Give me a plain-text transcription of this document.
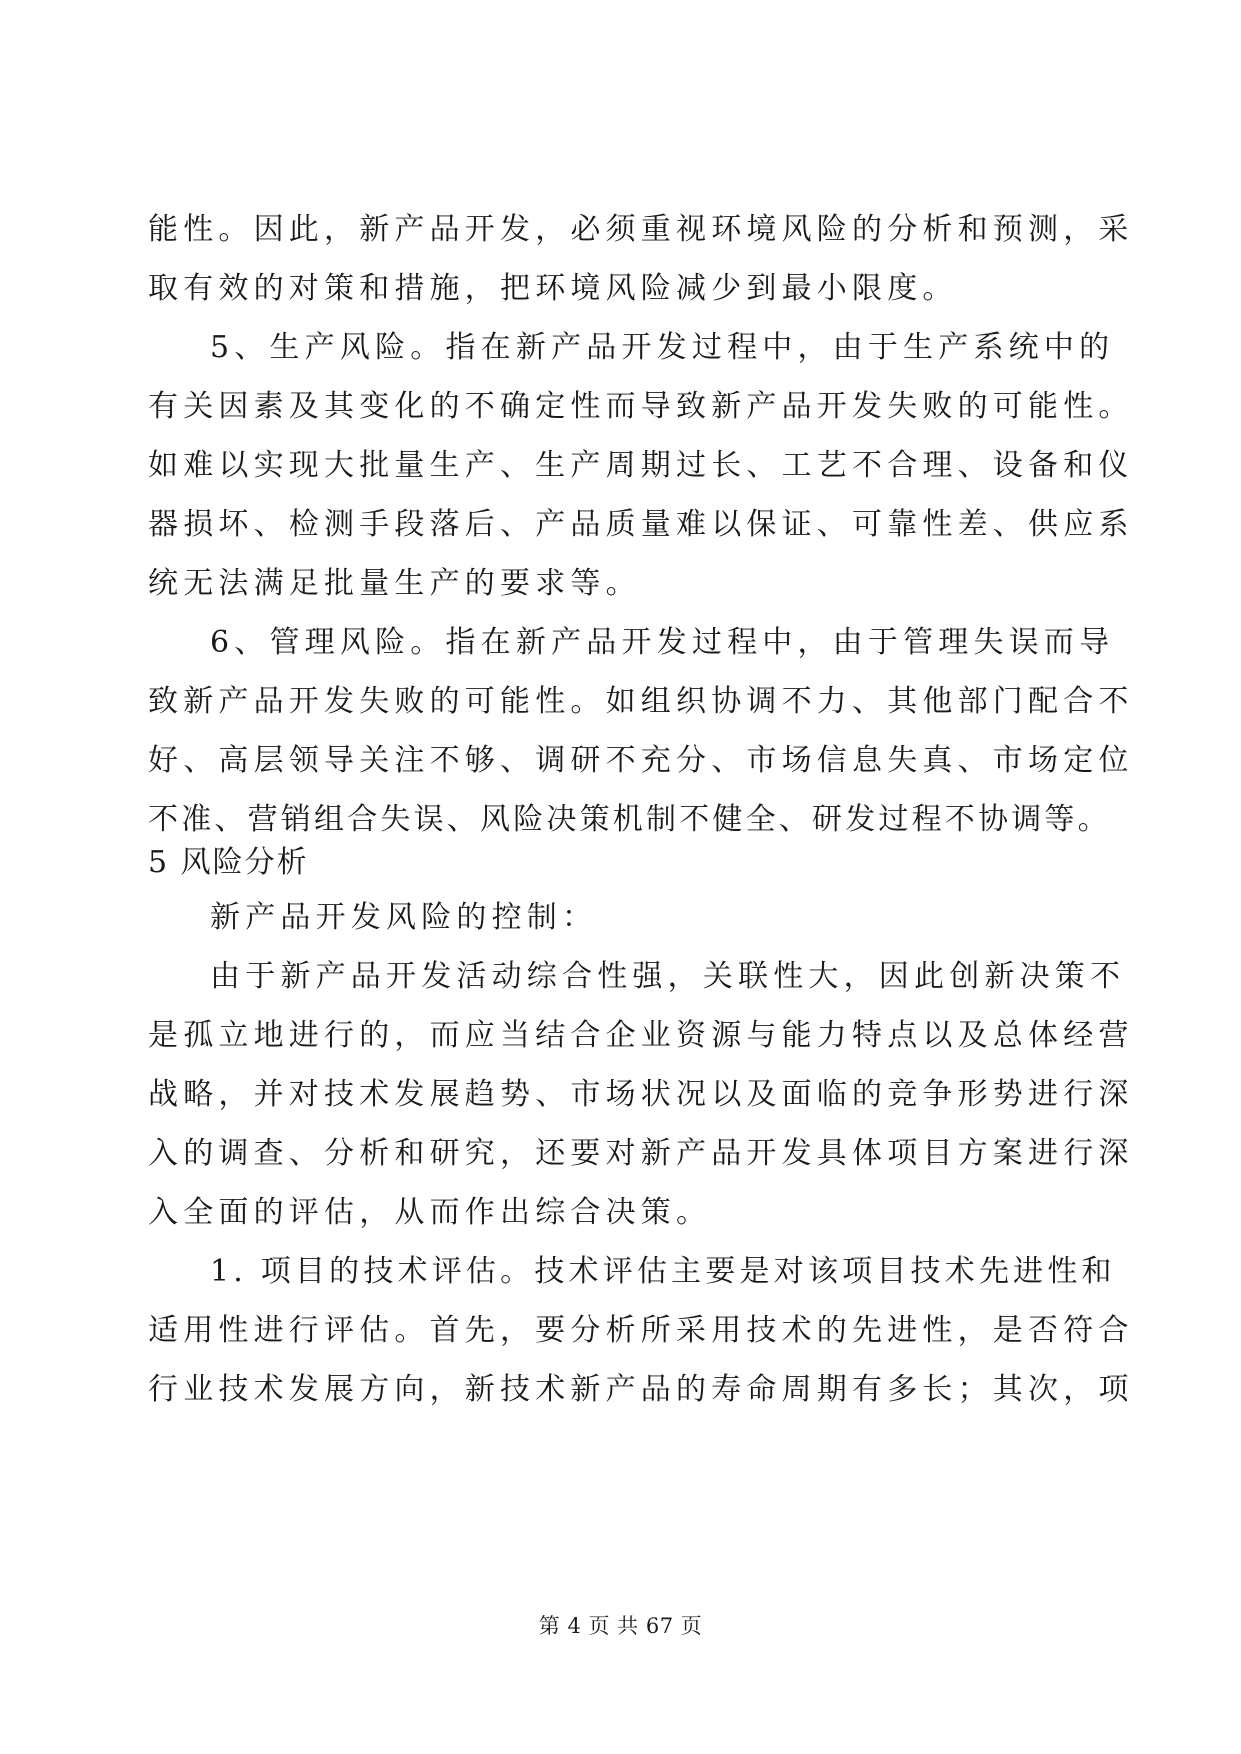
能性。因此，新产品开发，必须重视环境风险的分析和预测，采
取有效的对策和措施，把环境风险减少到最小限度。
5、生产风险。指在新产品开发过程中，由于生产系统中的
有关因素及其变化的不确定性而导致新产品开发失败的可能性。
如难以实现大批量生产、生产周期过长、工艺不合理、设备和仪
器损坏、检测手段落后、产品质量难以保证、可靠性差、供应系
统无法满足批量生产的要求等。
6、管理风险。指在新产品开发过程中，由于管理失误而导
致新产品开发失败的可能性。如组织协调不力、其他部门配合不
好、高层领导关注不够、调研不充分、市场信息失真、市场定位
不准、营销组合失误、风险决策机制不健全、研发过程不协调等。
5 风险分析
新产品开发风险的控制：
由于新产品开发活动综合性强，关联性大，因此创新决策不
是孤立地进行的，而应当结合企业资源与能力特点以及总体经营
战略，并对技术发展趋势、市场状况以及面临的竞争形势进行深
入的调查、分析和研究，还要对新产品开发具体项目方案进行深
入全面的评估，从而作出综合决策。
1. 项目的技术评估。技术评估主要是对该项目技术先进性和
适用性进行评估。首先，要分析所采用技术的先进性，是否符合
行业技术发展方向，新技术新产品的寿命周期有多长；其次，项
第 4 页 共 67 页
